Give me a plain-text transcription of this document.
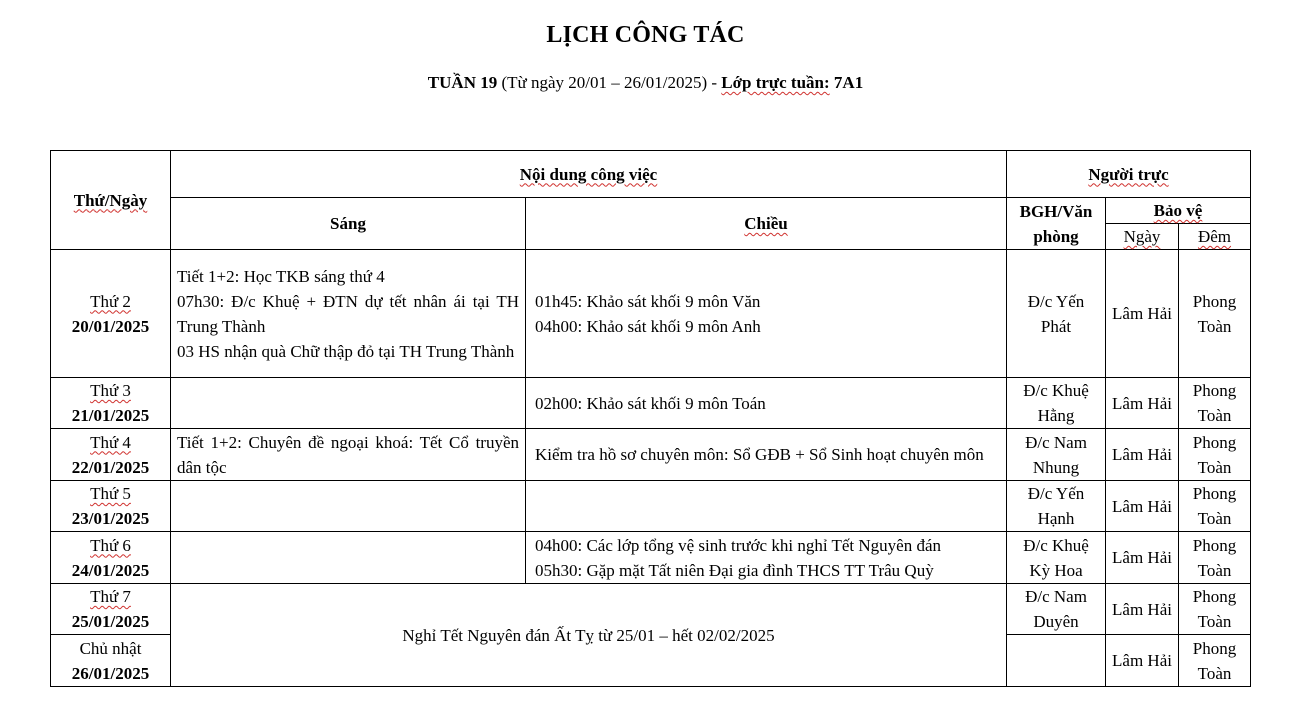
LỊCH CÔNG TÁC
TUẦN 19 (Từ ngày 20/01 – 26/01/2025) - Lớp trực tuần: 7A1
Thứ/Ngày	Nội dung công việc		Người trực		
	Sáng	Chiều	BGH/Văn phòng	Bảo vệ	
				Ngày	Đêm

Thứ 2
20/01/2025	Tiết 1+2: Học TKB sáng thứ 4
07h30: Đ/c Khuệ + ĐTN dự tết nhân ái tại TH Trung Thành
03 HS nhận quà Chữ thập đỏ tại TH Trung Thành	01h45: Khảo sát khối 9 môn Văn
04h00: Khảo sát khối 9 môn Anh	Đ/c Yến Phát	Lâm Hải	Phong Toàn

Thứ 3
21/01/2025		02h00: Khảo sát khối 9 môn Toán	Đ/c Khuệ Hằng	Lâm Hải	Phong Toàn

Thứ 4
22/01/2025	Tiết 1+2: Chuyên đề ngoại khoá: Tết Cổ truyền dân tộc	Kiểm tra hồ sơ chuyên môn: Sổ GĐB + Sổ Sinh hoạt chuyên môn	Đ/c Nam Nhung	Lâm Hải	Phong Toàn

Thứ 5
23/01/2025			Đ/c Yến Hạnh	Lâm Hải	Phong Toàn

Thứ 6
24/01/2025		04h00: Các lớp tổng vệ sinh trước khi nghỉ Tết Nguyên đán
05h30: Gặp mặt Tất niên Đại gia đình THCS TT Trâu Quỳ	Đ/c Khuệ Kỳ Hoa	Lâm Hải	Phong Toàn

Thứ 7
25/01/2025	Nghỉ Tết Nguyên đán Ất Tỵ từ 25/01 – hết 02/02/2025		Đ/c Nam Duyên	Lâm Hải	Phong Toàn

Chủ nhật
26/01/2025				Lâm Hải	Phong Toàn
